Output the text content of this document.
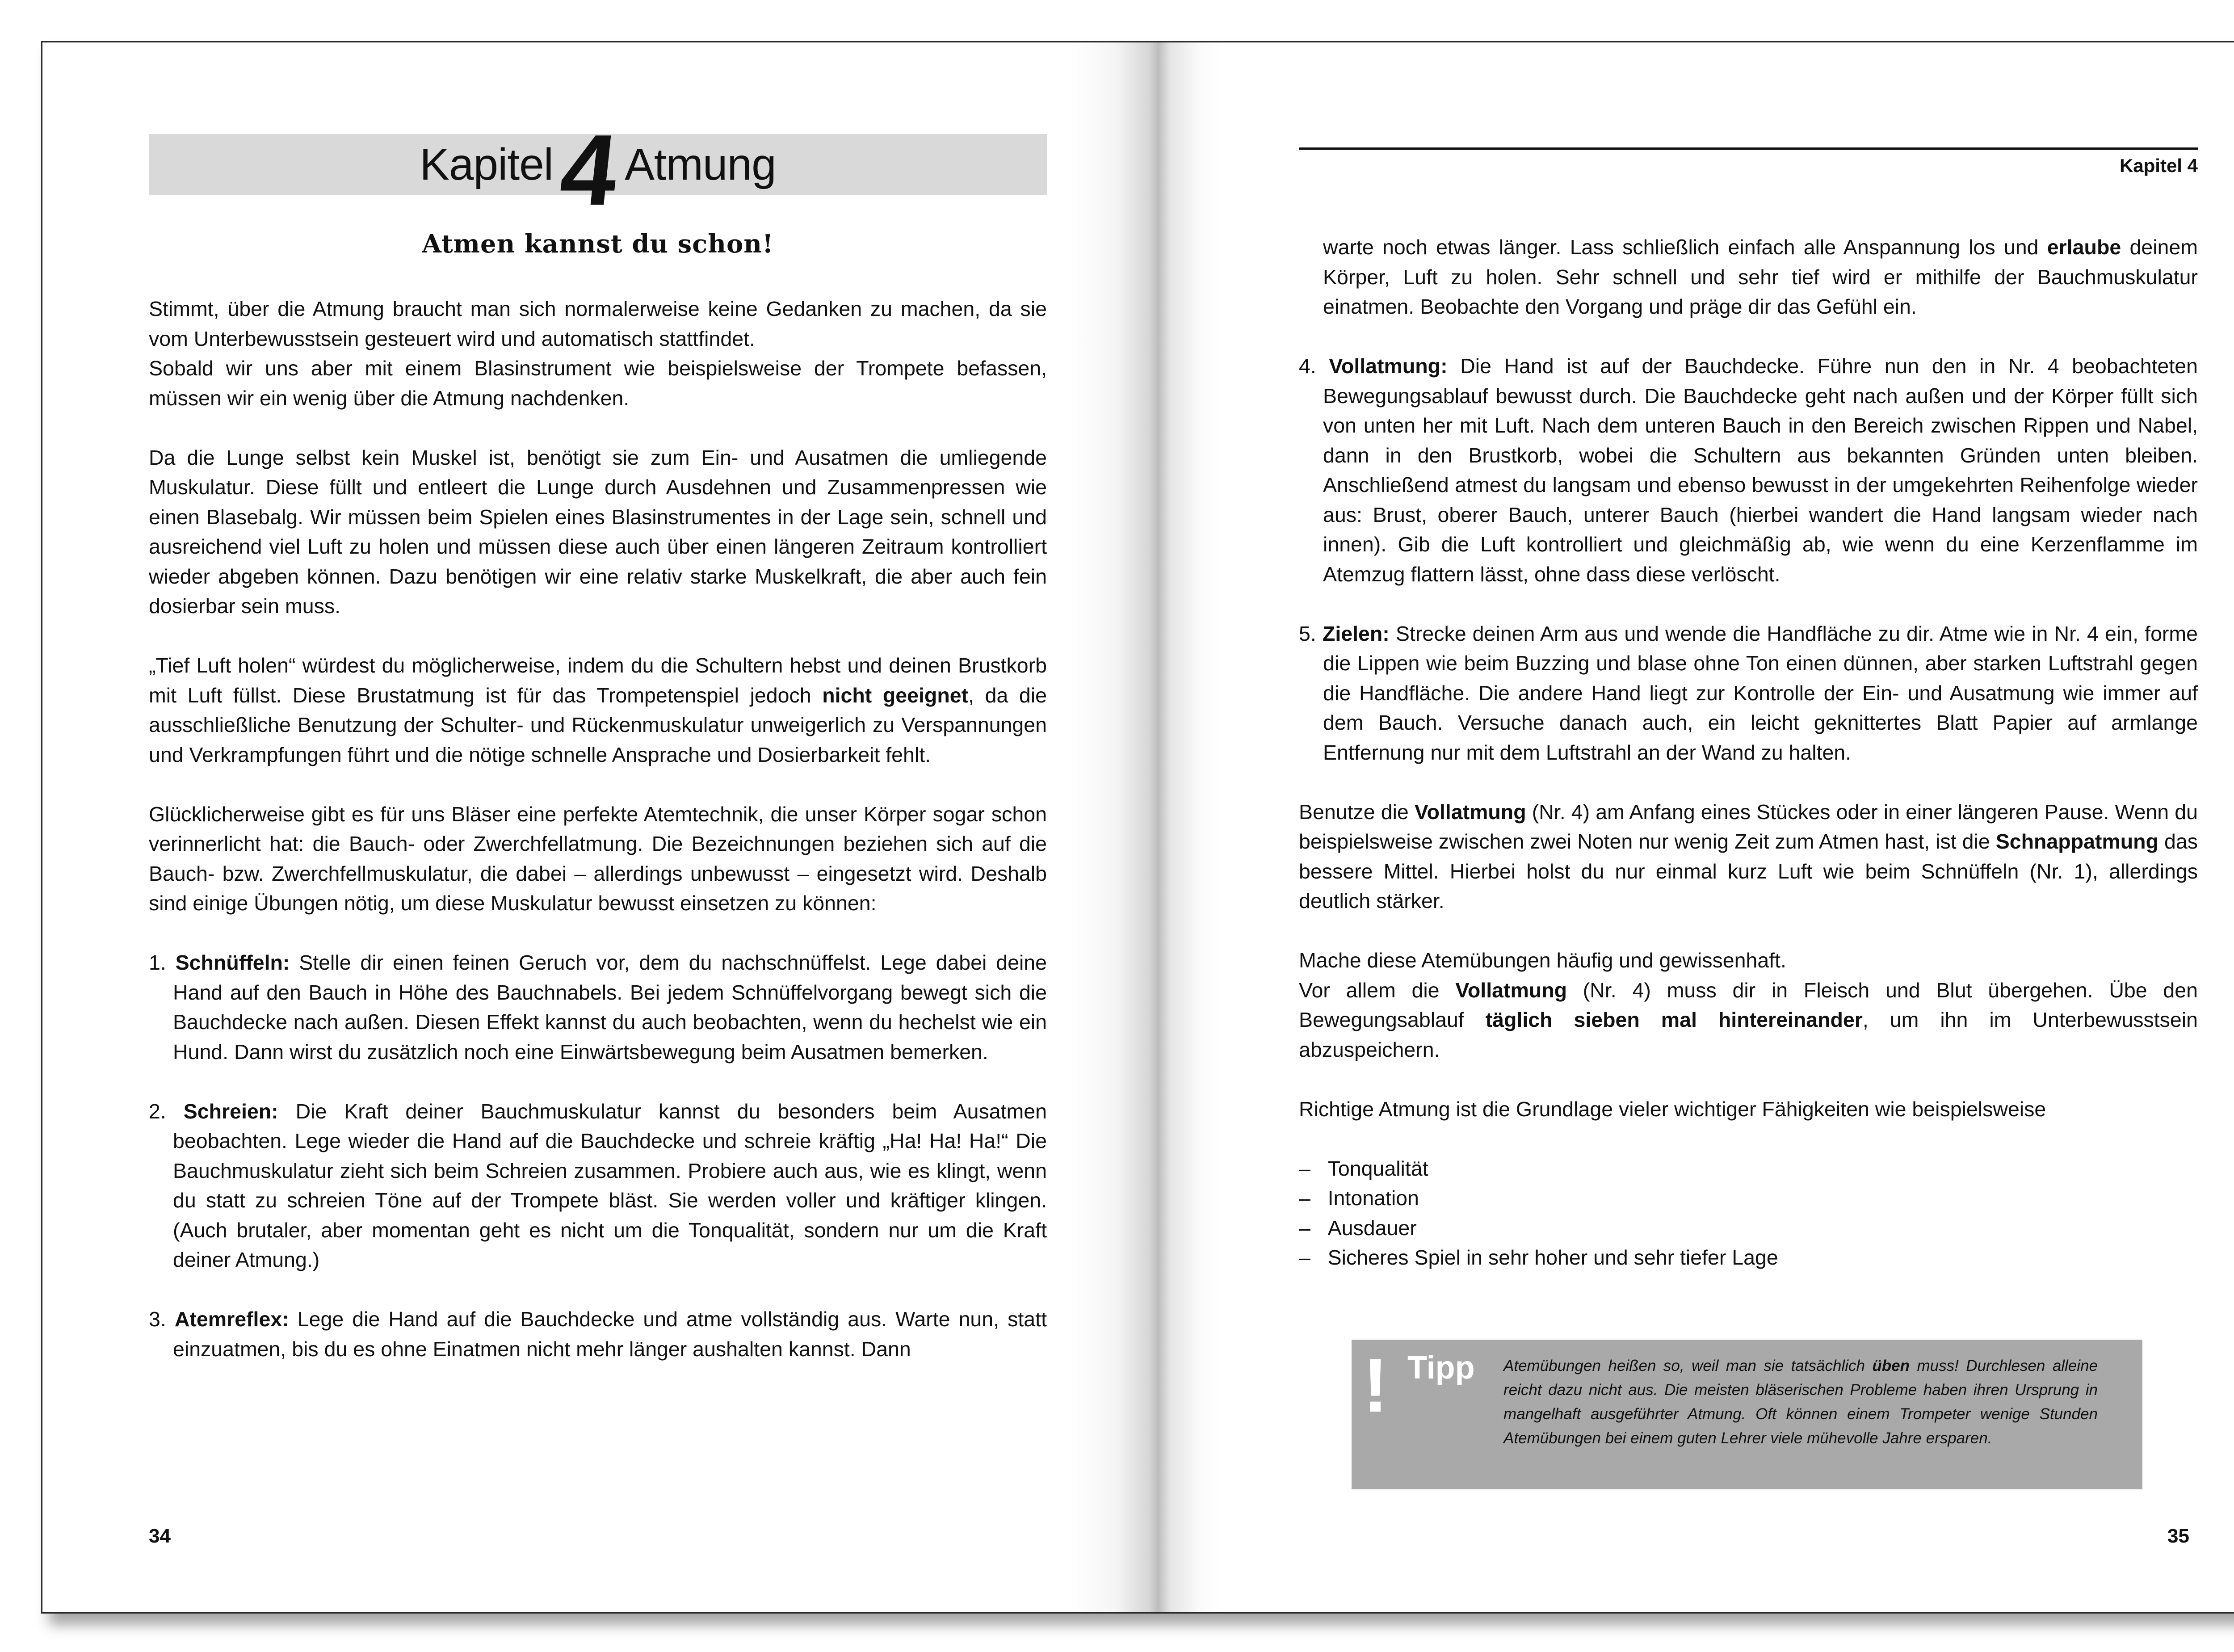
Kapitel 4 Atmung
Atmen kannst du schon!

Stimmt, über die Atmung braucht man sich normalerweise keine Gedanken zu machen, da sie vom Unterbewusstsein gesteuert wird und automatisch stattfindet.

Sobald wir uns aber mit einem Blasinstrument wie beispielsweise der Trompete befassen, müssen wir ein wenig über die Atmung nachdenken.

Da die Lunge selbst kein Muskel ist, benötigt sie zum Ein- und Ausatmen die umliegende Muskulatur. Diese füllt und entleert die Lunge durch Ausdehnen und Zusammenpressen wie einen Blasebalg. Wir müssen beim Spielen eines Blasinstrumentes in der Lage sein, schnell und ausreichend viel Luft zu holen und müssen diese auch über einen längeren Zeitraum kontrolliert wieder abgeben können. Dazu benötigen wir eine relativ starke Muskelkraft, die aber auch fein dosierbar sein muss.

„Tief Luft holen“ würdest du möglicherweise, indem du die Schultern hebst und deinen Brustkorb mit Luft füllst. Diese Brustatmung ist für das Trompetenspiel jedoch nicht geeignet, da die ausschließliche Benutzung der Schulter- und Rückenmuskulatur unweigerlich zu Verspannungen und Verkrampfungen führt und die nötige schnelle Ansprache und Dosierbarkeit fehlt.

Glücklicherweise gibt es für uns Bläser eine perfekte Atemtechnik, die unser Körper sogar schon verinnerlicht hat: die Bauch- oder Zwerchfellatmung. Die Bezeichnungen beziehen sich auf die Bauch- bzw. Zwerchfellmuskulatur, die dabei – allerdings unbewusst – eingesetzt wird. Deshalb sind einige Übungen nötig, um diese Muskulatur bewusst einsetzen zu können:

1. Schnüffeln: Stelle dir einen feinen Geruch vor, dem du nachschnüffelst. Lege dabei deine Hand auf den Bauch in Höhe des Bauchnabels. Bei jedem Schnüffelvorgang bewegt sich die Bauchdecke nach außen. Diesen Effekt kannst du auch beobachten, wenn du hechelst wie ein Hund. Dann wirst du zusätzlich noch eine Einwärtsbewegung beim Ausatmen bemerken.

2. Schreien: Die Kraft deiner Bauchmuskulatur kannst du besonders beim Ausatmen beobachten. Lege wieder die Hand auf die Bauchdecke und schreie kräftig „Ha! Ha! Ha!“ Die Bauchmuskulatur zieht sich beim Schreien zusammen. Probiere auch aus, wie es klingt, wenn du statt zu schreien Töne auf der Trompete bläst. Sie werden voller und kräftiger klingen. (Auch brutaler, aber momentan geht es nicht um die Tonqualität, sondern nur um die Kraft deiner Atmung.)

3. Atemreflex: Lege die Hand auf die Bauchdecke und atme vollständig aus. Warte nun, statt einzuatmen, bis du es ohne Einatmen nicht mehr länger aushalten kannst. Dann

34
Kapitel 4

warte noch etwas länger. Lass schließlich einfach alle Anspannung los und erlaube deinem Körper, Luft zu holen. Sehr schnell und sehr tief wird er mithilfe der Bauchmuskulatur einatmen. Beobachte den Vorgang und präge dir das Gefühl ein.

4. Vollatmung: Die Hand ist auf der Bauchdecke. Führe nun den in Nr. 4 beobachteten Bewegungsablauf bewusst durch. Die Bauchdecke geht nach außen und der Körper füllt sich von unten her mit Luft. Nach dem unteren Bauch in den Bereich zwischen Rippen und Nabel, dann in den Brustkorb, wobei die Schultern aus bekannten Gründen unten bleiben. Anschließend atmest du langsam und ebenso bewusst in der umgekehrten Reihenfolge wieder aus: Brust, oberer Bauch, unterer Bauch (hierbei wandert die Hand langsam wieder nach innen). Gib die Luft kontrolliert und gleichmäßig ab, wie wenn du eine Kerzenflamme im Atemzug flattern lässt, ohne dass diese verlöscht.

5. Zielen: Strecke deinen Arm aus und wende die Handfläche zu dir. Atme wie in Nr. 4 ein, forme die Lippen wie beim Buzzing und blase ohne Ton einen dünnen, aber starken Luftstrahl gegen die Handfläche. Die andere Hand liegt zur Kontrolle der Ein- und Ausatmung wie immer auf dem Bauch. Versuche danach auch, ein leicht geknittertes Blatt Papier auf armlange Entfernung nur mit dem Luftstrahl an der Wand zu halten.

Benutze die Vollatmung (Nr. 4) am Anfang eines Stückes oder in einer längeren Pause. Wenn du beispielsweise zwischen zwei Noten nur wenig Zeit zum Atmen hast, ist die Schnappatmung das bessere Mittel. Hierbei holst du nur einmal kurz Luft wie beim Schnüffeln (Nr. 1), allerdings deutlich stärker.

Mache diese Atemübungen häufig und gewissenhaft.

Vor allem die Vollatmung (Nr. 4) muss dir in Fleisch und Blut übergehen. Übe den Bewegungsablauf täglich sieben mal hintereinander, um ihn im Unterbewusstsein abzuspeichern.

Richtige Atmung ist die Grundlage vieler wichtiger Fähigkeiten wie beispielsweise

– Tonqualität

– Intonation

– Ausdauer

– Sicheres Spiel in sehr hoher und sehr tiefer Lage

! Tipp Atemübungen heißen so, weil man sie tatsächlich üben muss! Durchlesen alleine reicht dazu nicht aus. Die meisten bläserischen Probleme haben ihren Ursprung in mangelhaft ausgeführter Atmung. Oft können einem Trompeter wenige Stunden Atemübungen bei einem guten Lehrer viele mühevolle Jahre ersparen.
35
